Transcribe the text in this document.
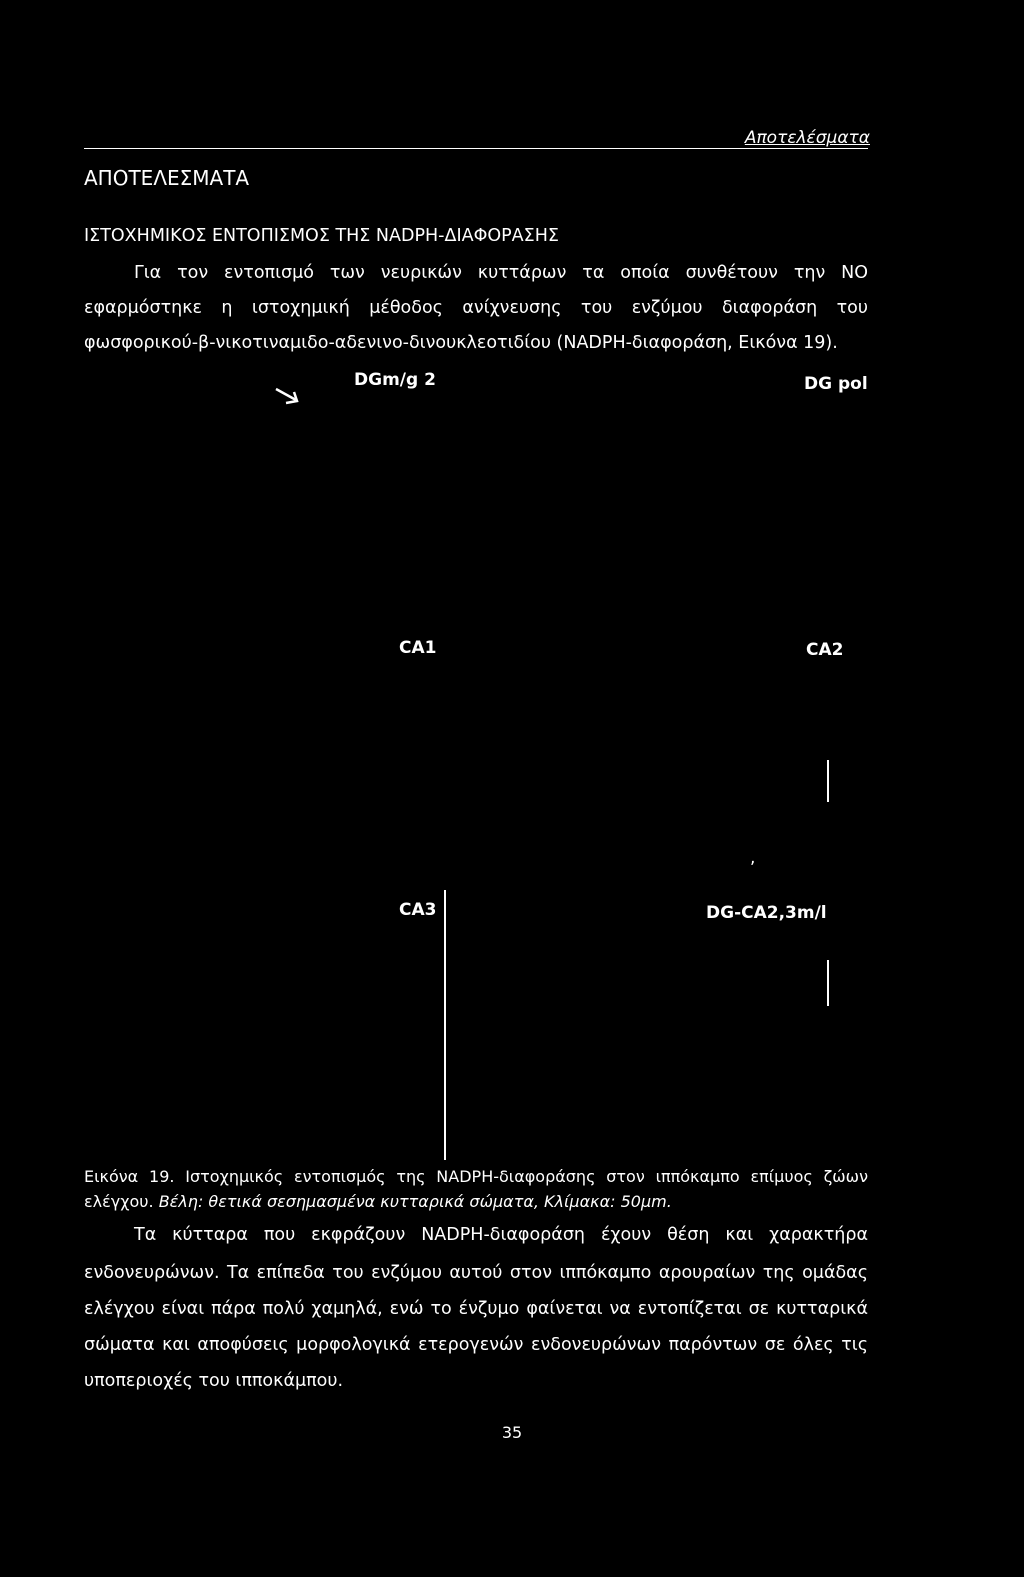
Αποτελέσματα
ΑΠΟΤΕΛΕΣΜΑΤΑ
ΙΣΤΟΧΗΜΙΚΟΣ ΕΝΤΟΠΙΣΜΟΣ ΤΗΣ NADPH-ΔΙΑΦΟΡΑΣΗΣ
Για τον εντοπισμό των νευρικών κυττάρων τα οποία συνθέτουν την ΝΟ
εφαρμόστηκε η ιστοχημική μέθοδος ανίχνευσης του ενζύμου διαφοράση του
φωσφορικού-β-νικοτιναμιδο-αδενινο-δινουκλεοτιδίου (NADPH-διαφοράση, Εικόνα 19).
DGm/g 2	DG pol
CA1	CA2
,
CA3	DG-CA2,3m/l
Εικόνα 19. Ιστοχημικός εντοπισμός της NADPH-διαφοράσης στον ιππόκαμπο επίμυος ζώων
ελέγχου. Βέλη: θετικά σεσημασμένα κυτταρικά σώματα, Κλίμακα: 50μm.
Τα κύτταρα που εκφράζουν NADPH-διαφοράση έχουν θέση και χαρακτήρα
ενδονευρώνων. Τα επίπεδα του ενζύμου αυτού στον ιππόκαμπο αρουραίων της ομάδας
ελέγχου είναι πάρα πολύ χαμηλά, ενώ το ένζυμο φαίνεται να εντοπίζεται σε κυτταρικά
σώματα και αποφύσεις μορφολογικά ετερογενών ενδονευρώνων παρόντων σε όλες τις
υποπεριοχές του ιπποκάμπου.
35
